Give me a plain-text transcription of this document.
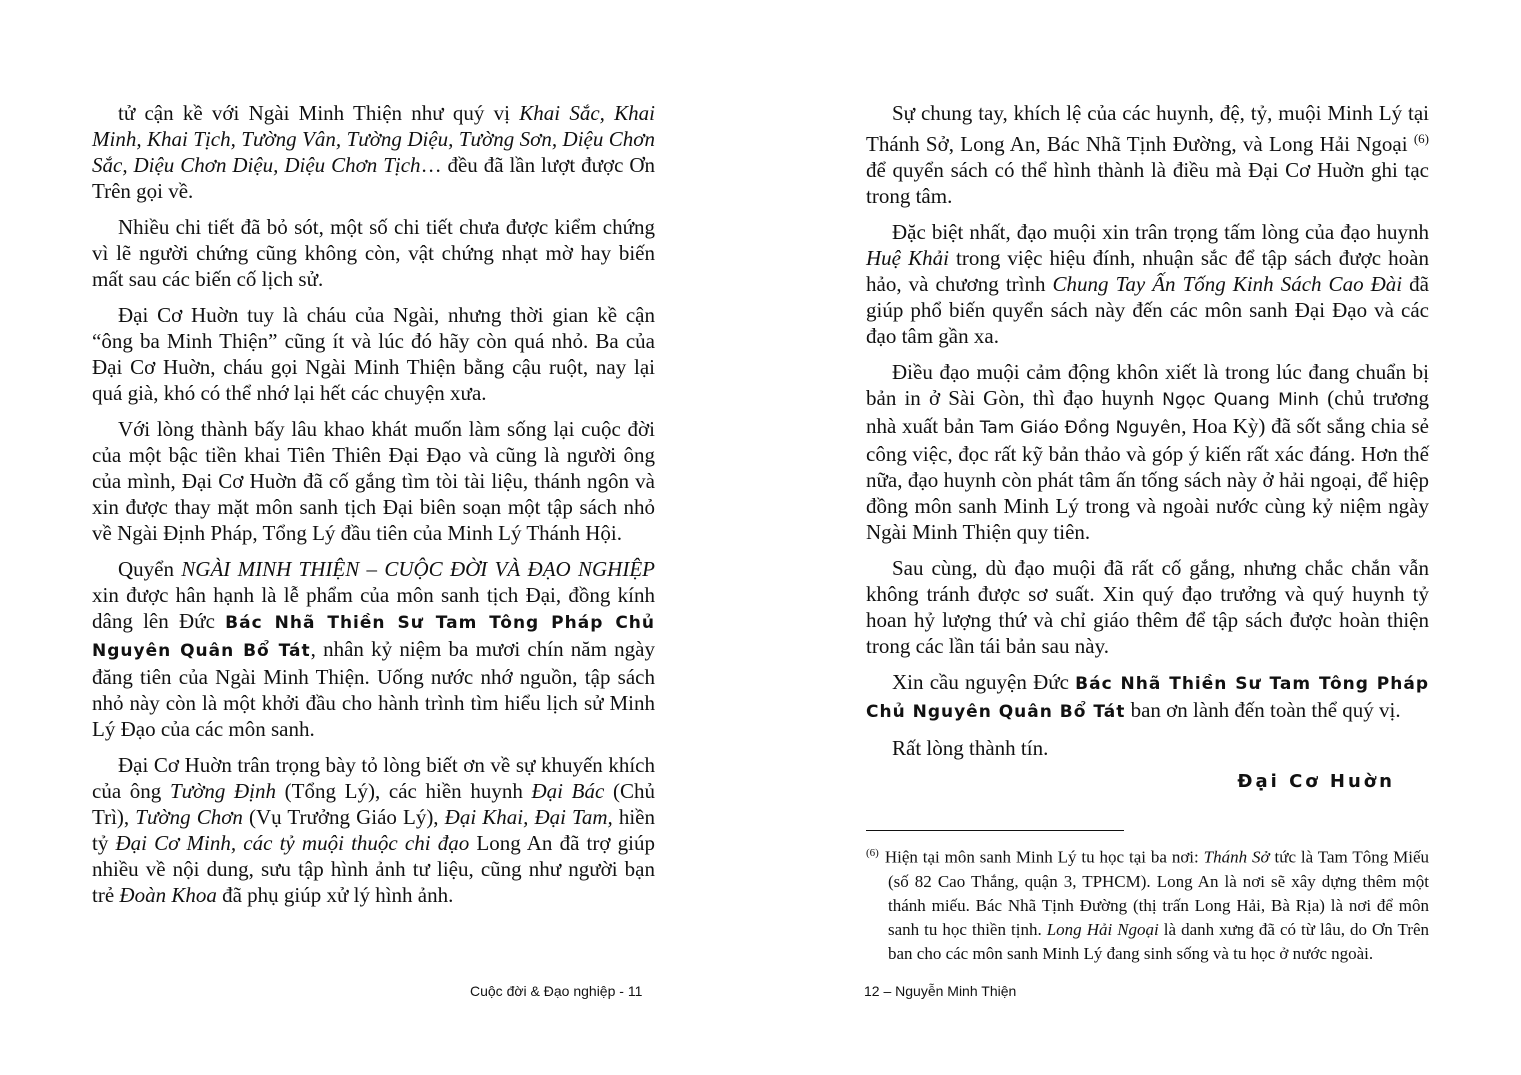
tử cận kề với Ngài Minh Thiện như quý vị Khai Sắc, Khai Minh, Khai Tịch, Tường Vân, Tường Diệu, Tường Sơn, Diệu Chơn Sắc, Diệu Chơn Diệu, Diệu Chơn Tịch… đều đã lần lượt được Ơn Trên gọi về.

Nhiều chi tiết đã bỏ sót, một số chi tiết chưa được kiểm chứng vì lẽ người chứng cũng không còn, vật chứng nhạt mờ hay biến mất sau các biến cố lịch sử.

Đại Cơ Huờn tuy là cháu của Ngài, nhưng thời gian kề cận “ông ba Minh Thiện” cũng ít và lúc đó hãy còn quá nhỏ. Ba của Đại Cơ Huờn, cháu gọi Ngài Minh Thiện bằng cậu ruột, nay lại quá già, khó có thể nhớ lại hết các chuyện xưa.

Với lòng thành bấy lâu khao khát muốn làm sống lại cuộc đời của một bậc tiền khai Tiên Thiên Đại Đạo và cũng là người ông của mình, Đại Cơ Huờn đã cố gắng tìm tòi tài liệu, thánh ngôn và xin được thay mặt môn sanh tịch Đại biên soạn một tập sách nhỏ về Ngài Định Pháp, Tổng Lý đầu tiên của Minh Lý Thánh Hội.

Quyển NGÀI MINH THIỆN – CUỘC ĐỜI VÀ ĐẠO NGHIỆP xin được hân hạnh là lễ phẩm của môn sanh tịch Đại, đồng kính dâng lên Đức Bác Nhã Thiền Sư Tam Tông Pháp Chủ Nguyên Quân Bổ Tát, nhân kỷ niệm ba mươi chín năm ngày đăng tiên của Ngài Minh Thiện. Uống nước nhớ nguồn, tập sách nhỏ này còn là một khởi đầu cho hành trình tìm hiểu lịch sử Minh Lý Đạo của các môn sanh.

Đại Cơ Huờn trân trọng bày tỏ lòng biết ơn về sự khuyến khích của ông Tường Định (Tổng Lý), các hiền huynh Đại Bác (Chủ Trì), Tường Chơn (Vụ Trưởng Giáo Lý), Đại Khai, Đại Tam, hiền tỷ Đại Cơ Minh, các tỷ muội thuộc chi đạo Long An đã trợ giúp nhiều về nội dung, sưu tập hình ảnh tư liệu, cũng như người bạn trẻ Đoàn Khoa đã phụ giúp xử lý hình ảnh.

Sự chung tay, khích lệ của các huynh, đệ, tỷ, muội Minh Lý tại Thánh Sở, Long An, Bác Nhã Tịnh Đường, và Long Hải Ngoại $^{(6)}$ để quyển sách có thể hình thành là điều mà Đại Cơ Huờn ghi tạc trong tâm.

Đặc biệt nhất, đạo muội xin trân trọng tấm lòng của đạo huynh Huệ Khải trong việc hiệu đính, nhuận sắc để tập sách được hoàn hảo, và chương trình Chung Tay Ấn Tống Kinh Sách Cao Đài đã giúp phổ biến quyển sách này đến các môn sanh Đại Đạo và các đạo tâm gần xa.

Điều đạo muội cảm động khôn xiết là trong lúc đang chuẩn bị bản in ở Sài Gòn, thì đạo huynh Ngọc Quang Minh (chủ trương nhà xuất bản Tam Giáo Đồng Nguyên, Hoa Kỳ) đã sốt sắng chia sẻ công việc, đọc rất kỹ bản thảo và góp ý kiến rất xác đáng. Hơn thế nữa, đạo huynh còn phát tâm ấn tống sách này ở hải ngoại, để hiệp đồng môn sanh Minh Lý trong và ngoài nước cùng kỷ niệm ngày Ngài Minh Thiện quy tiên.

Sau cùng, dù đạo muội đã rất cố gắng, nhưng chắc chắn vẫn không tránh được sơ suất. Xin quý đạo trưởng và quý huynh tỷ hoan hỷ lượng thứ và chỉ giáo thêm để tập sách được hoàn thiện trong các lần tái bản sau này.

Xin cầu nguyện Đức Bác Nhã Thiền Sư Tam Tông Pháp Chủ Nguyên Quân Bổ Tát ban ơn lành đến toàn thể quý vị.

Rất lòng thành tín.

Đại Cơ Huờn
$^{(6)}$ Hiện tại môn sanh Minh Lý tu học tại ba nơi: Thánh Sở tức là Tam Tông Miếu (số 82 Cao Thắng, quận 3, TPHCM). Long An là nơi sẽ xây dựng thêm một thánh miếu. Bác Nhã Tịnh Đường (thị trấn Long Hải, Bà Rịa) là nơi để môn sanh tu học thiền tịnh. Long Hải Ngoại là danh xưng đã có từ lâu, do Ơn Trên ban cho các môn sanh Minh Lý đang sinh sống và tu học ở nước ngoài.
Cuộc đời & Đạo nghiệp - 11	12 – Nguyễn Minh Thiện
